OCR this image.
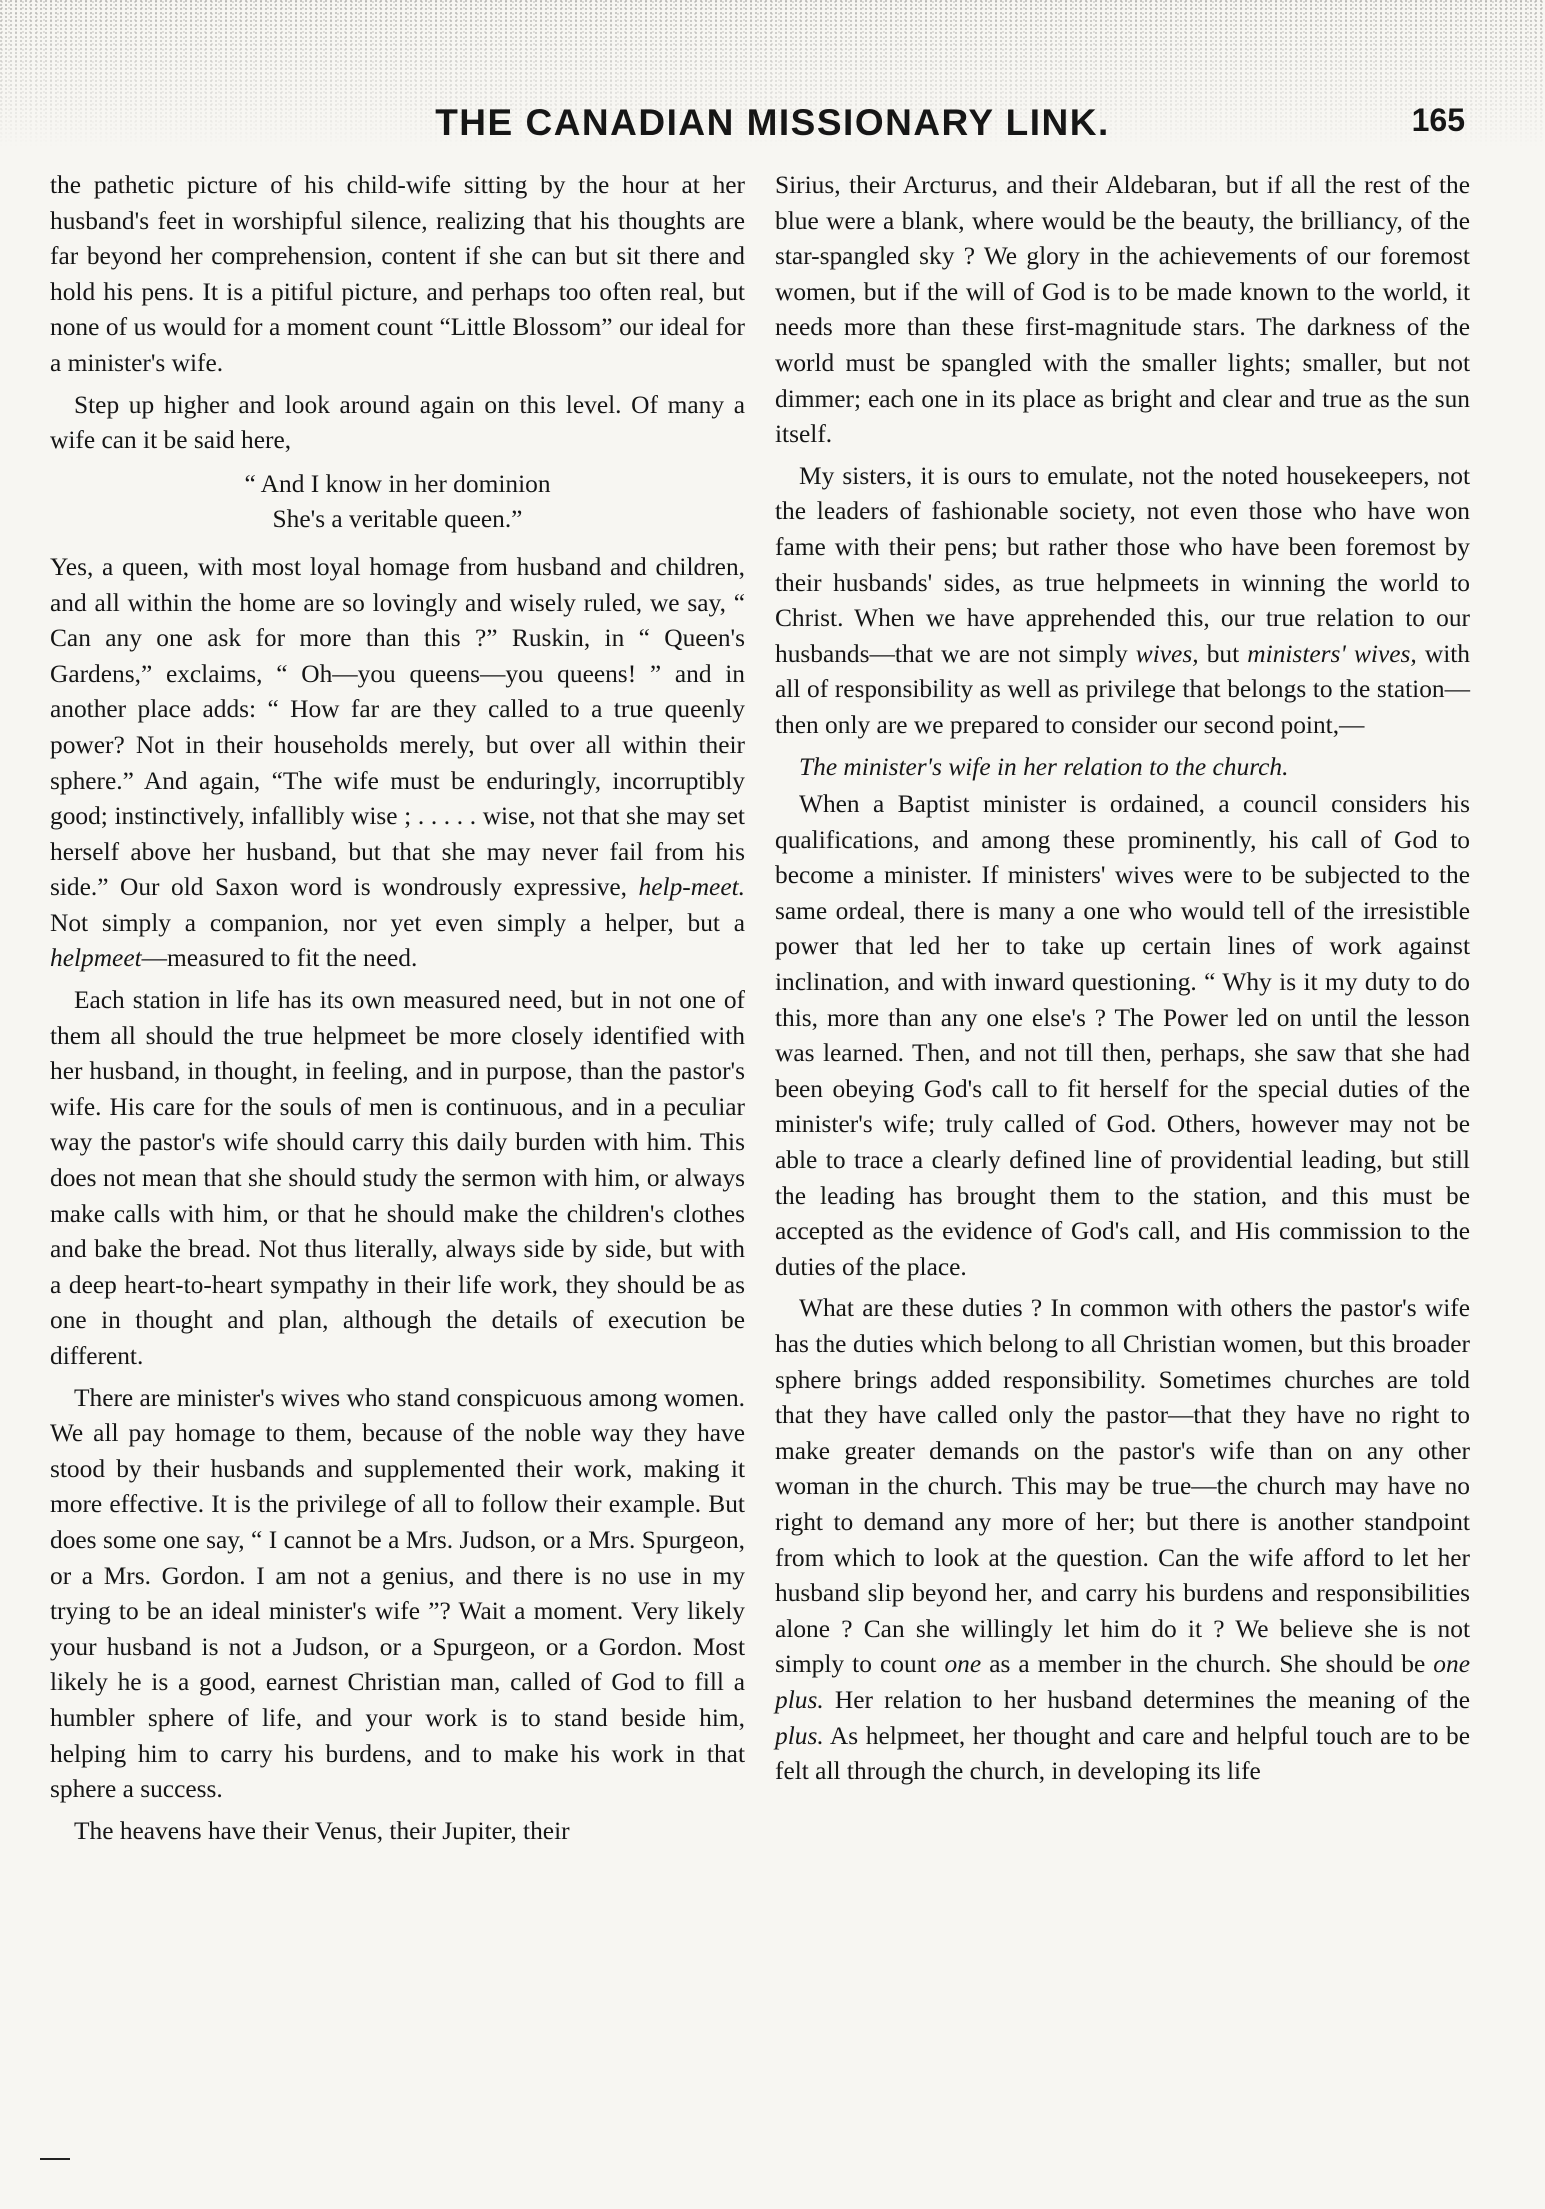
THE CANADIAN MISSIONARY LINK.	165

the pathetic picture of his child-wife sitting by the hour at her husband's feet in worshipful silence, realizing that his thoughts are far beyond her comprehension, content if she can but sit there and hold his pens. It is a pitiful picture, and perhaps too often real, but none of us would for a moment count “Little Blossom” our ideal for a minister's wife.

Step up higher and look around again on this level. Of many a wife can it be said here,

“ And I know in her dominion
She's a veritable queen.”

Yes, a queen, with most loyal homage from husband and children, and all within the home are so lovingly and wisely ruled, we say, “ Can any one ask for more than this ?” Ruskin, in “ Queen's Gardens,” exclaims, “ Oh—you queens—you queens! ” and in another place adds: “ How far are they called to a true queenly power? Not in their households merely, but over all within their sphere.” And again, “The wife must be enduringly, incorruptibly good; instinctively, infallibly wise ; . . . . . wise, not that she may set herself above her husband, but that she may never fail from his side.” Our old Saxon word is wondrously expressive, help-meet. Not simply a companion, nor yet even simply a helper, but a helpmeet—measured to fit the need.

Each station in life has its own measured need, but in not one of them all should the true helpmeet be more closely identified with her husband, in thought, in feeling, and in purpose, than the pastor's wife. His care for the souls of men is continuous, and in a peculiar way the pastor's wife should carry this daily burden with him. This does not mean that she should study the sermon with him, or always make calls with him, or that he should make the children's clothes and bake the bread. Not thus literally, always side by side, but with a deep heart-to-heart sympathy in their life work, they should be as one in thought and plan, although the details of execution be different.

There are minister's wives who stand conspicuous among women. We all pay homage to them, because of the noble way they have stood by their husbands and supplemented their work, making it more effective. It is the privilege of all to follow their example. But does some one say, “ I cannot be a Mrs. Judson, or a Mrs. Spurgeon, or a Mrs. Gordon. I am not a genius, and there is no use in my trying to be an ideal minister's wife ”? Wait a moment. Very likely your husband is not a Judson, or a Spurgeon, or a Gordon. Most likely he is a good, earnest Christian man, called of God to fill a humbler sphere of life, and your work is to stand beside him, helping him to carry his burdens, and to make his work in that sphere a success.

The heavens have their Venus, their Jupiter, their

Sirius, their Arcturus, and their Aldebaran, but if all the rest of the blue were a blank, where would be the beauty, the brilliancy, of the star-spangled sky ? We glory in the achievements of our foremost women, but if the will of God is to be made known to the world, it needs more than these first-magnitude stars. The darkness of the world must be spangled with the smaller lights; smaller, but not dimmer; each one in its place as bright and clear and true as the sun itself.

My sisters, it is ours to emulate, not the noted housekeepers, not the leaders of fashionable society, not even those who have won fame with their pens; but rather those who have been foremost by their husbands' sides, as true helpmeets in winning the world to Christ. When we have apprehended this, our true relation to our husbands—that we are not simply wives, but ministers' wives, with all of responsibility as well as privilege that belongs to the station—then only are we prepared to consider our second point,—

The minister's wife in her relation to the church.

When a Baptist minister is ordained, a council considers his qualifications, and among these prominently, his call of God to become a minister. If ministers' wives were to be subjected to the same ordeal, there is many a one who would tell of the irresistible power that led her to take up certain lines of work against inclination, and with inward questioning. “ Why is it my duty to do this, more than any one else's ? The Power led on until the lesson was learned. Then, and not till then, perhaps, she saw that she had been obeying God's call to fit herself for the special duties of the minister's wife; truly called of God. Others, however may not be able to trace a clearly defined line of providential leading, but still the leading has brought them to the station, and this must be accepted as the evidence of God's call, and His commission to the duties of the place.

What are these duties ? In common with others the pastor's wife has the duties which belong to all Christian women, but this broader sphere brings added responsibility. Sometimes churches are told that they have called only the pastor—that they have no right to make greater demands on the pastor's wife than on any other woman in the church. This may be true—the church may have no right to demand any more of her; but there is another standpoint from which to look at the question. Can the wife afford to let her husband slip beyond her, and carry his burdens and responsibilities alone ? Can she willingly let him do it ? We believe she is not simply to count one as a member in the church. She should be one plus. Her relation to her husband determines the meaning of the plus. As helpmeet, her thought and care and helpful touch are to be felt all through the church, in developing its life
